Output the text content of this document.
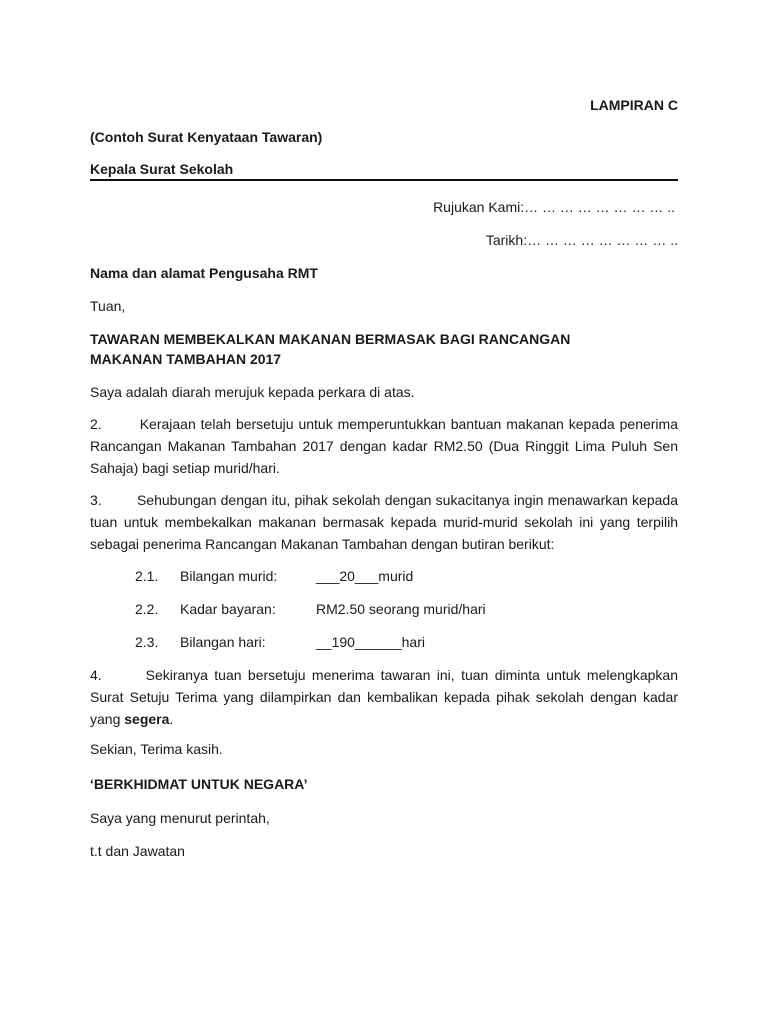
LAMPIRAN C
(Contoh Surat Kenyataan Tawaran)
Kepala Surat Sekolah
Rujukan Kami:… … … … … … … … ..
Tarikh:… … … … … … … … ..
Nama dan alamat Pengusaha RMT
Tuan,
TAWARAN MEMBEKALKAN MAKANAN BERMASAK BAGI RANCANGAN
MAKANAN TAMBAHAN 2017
Saya adalah diarah merujuk kepada perkara di atas.
2.	Kerajaan telah bersetuju untuk memperuntukkan bantuan makanan kepada penerima Rancangan Makanan Tambahan 2017 dengan kadar RM2.50 (Dua Ringgit Lima Puluh Sen Sahaja) bagi setiap murid/hari.
3.	Sehubungan dengan itu, pihak sekolah dengan sukacitanya ingin menawarkan kepada tuan untuk membekalkan makanan bermasak kepada murid-murid sekolah ini yang terpilih sebagai penerima Rancangan Makanan Tambahan dengan butiran berikut:
2.1. Bilangan murid:	___20___murid
2.2. Kadar bayaran:	RM2.50 seorang murid/hari
2.3. Bilangan hari:	__190______hari
4.	Sekiranya tuan bersetuju menerima tawaran ini, tuan diminta untuk melengkapkan Surat Setuju Terima yang dilampirkan dan kembalikan kepada pihak sekolah dengan kadar yang segera.
Sekian, Terima kasih.
‘BERKHIDMAT UNTUK NEGARA’
Saya yang menurut perintah,
t.t dan Jawatan
